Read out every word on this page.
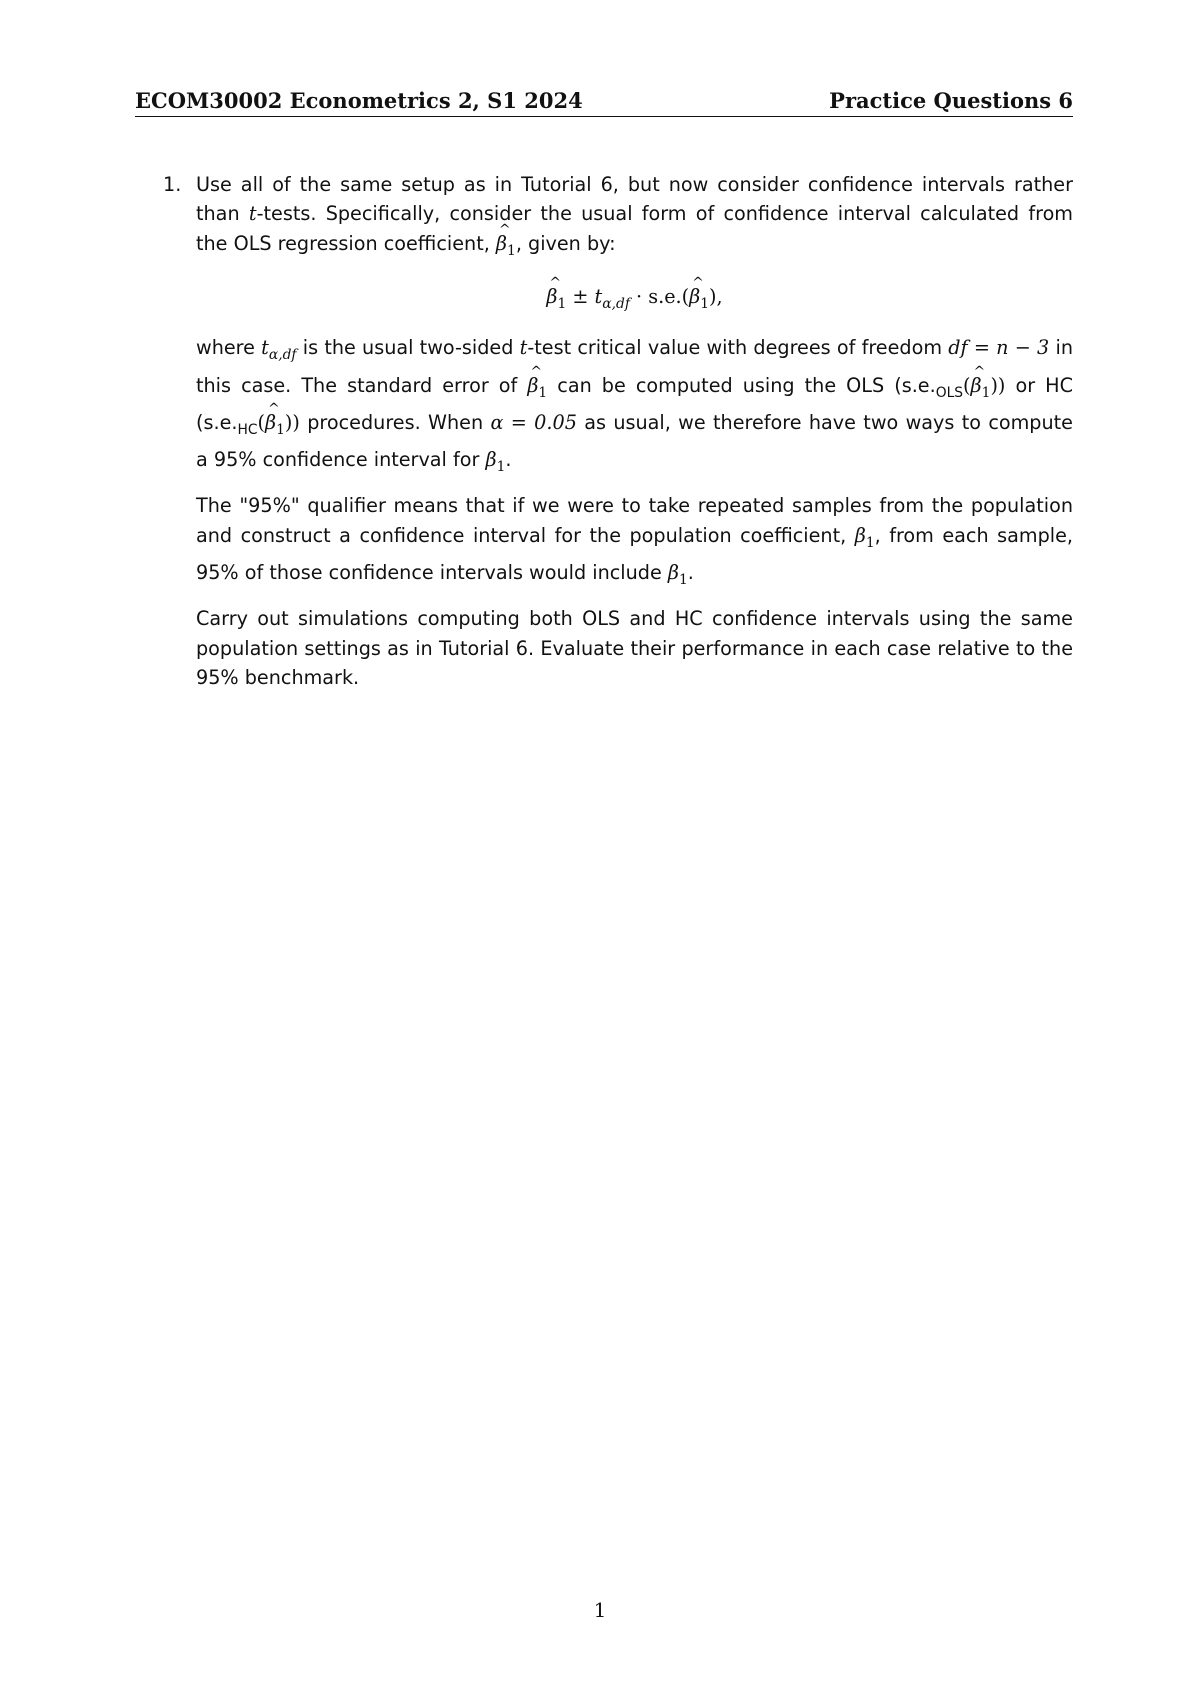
ECOM30002 Econometrics 2, S1 2024	Practice Questions 6
1. Use all of the same setup as in Tutorial 6, but now consider confidence intervals rather than t-tests. Specifically, consider the usual form of confidence interval calculated from the OLS regression coefficient,
^
$\beta_1$, given by:

^
$\beta_1 \pm t_{\alpha,df} \cdot s.e$.(
^
$\beta_1$),

where $t_{\alpha,df}$ is the usual two-sided t-test critical value with degrees of freedom df = n − 3 in this case. The standard error of
^
$\beta_1$ can be computed using the OLS ($s.e._{OLS}$(
^
$\beta_1$)) or HC ($s.e._{HC}$(
^
$\beta_1$)) procedures. When α = 0.05 as usual, we therefore have two ways to compute a 95% confidence interval for $\beta_1$.

The "95%" qualifier means that if we were to take repeated samples from the population and construct a confidence interval for the population coefficient, $\beta_1$, from each sample, 95% of those confidence intervals would include $\beta_1$.

Carry out simulations computing both OLS and HC confidence intervals using the same population settings as in Tutorial 6. Evaluate their performance in each case relative to the 95% benchmark.

1
